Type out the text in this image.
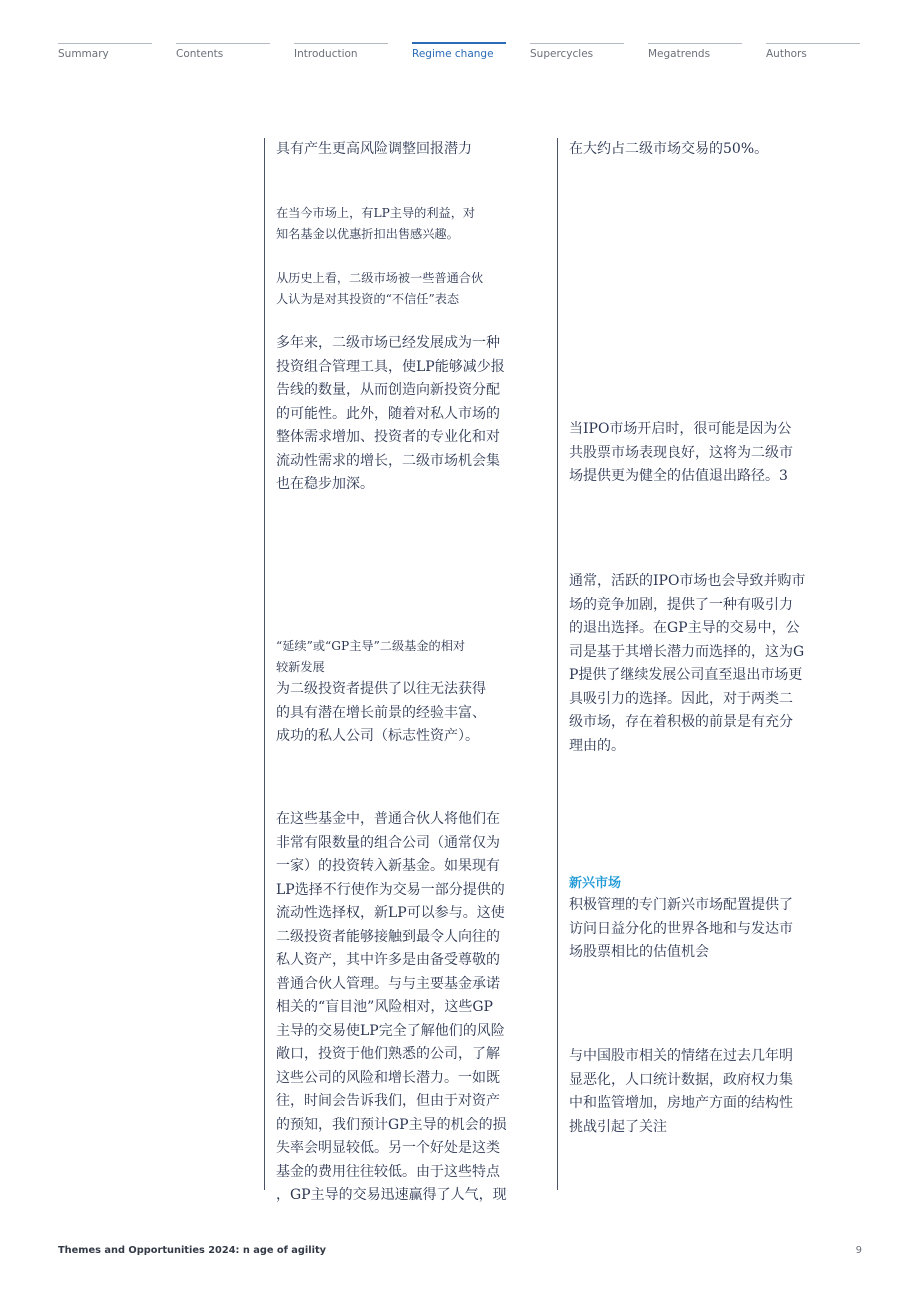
Summary	Contents	Introduction	Regime change	Supercycles	Megatrends	Authors

具有产生更高风险调整回报潜力

在当今市场上，有LP主导的利益，对
知名基金以优惠折扣出售感兴趣。

从历史上看，二级市场被一些普通合伙
人认为是对其投资的“不信任”表态

多年来，二级市场已经发展成为一种
投资组合管理工具，使LP能够减少报
告线的数量，从而创造向新投资分配
的可能性。此外，随着对私人市场的
整体需求增加、投资者的专业化和对
流动性需求的增长，二级市场机会集
也在稳步加深。

“延续”或“GP主导”二级基金的相对
较新发展

为二级投资者提供了以往无法获得
的具有潜在增长前景的经验丰富、
成功的私人公司（标志性资产）。

在这些基金中，普通合伙人将他们在
非常有限数量的组合公司（通常仅为
一家）的投资转入新基金。如果现有
LP选择不行使作为交易一部分提供的
流动性选择权，新LP可以参与。这使
二级投资者能够接触到最令人向往的
私人资产，其中许多是由备受尊敬的
普通合伙人管理。与与主要基金承诺
相关的“盲目池”风险相对，这些GP
主导的交易使LP完全了解他们的风险
敞口，投资于他们熟悉的公司，了解
这些公司的风险和增长潜力。一如既
往，时间会告诉我们，但由于对资产
的预知，我们预计GP主导的机会的损
失率会明显较低。另一个好处是这类
基金的费用往往较低。由于这些特点
，GP主导的交易迅速赢得了人气，现

在大约占二级市场交易的50%。

当IPO市场开启时，很可能是因为公
共股票市场表现良好，这将为二级市
场提供更为健全的估值退出路径。3

通常，活跃的IPO市场也会导致并购市
场的竞争加剧，提供了一种有吸引力
的退出选择。在GP主导的交易中，公
司是基于其增长潜力而选择的，这为G
P提供了继续发展公司直至退出市场更
具吸引力的选择。因此，对于两类二
级市场，存在着积极的前景是有充分
理由的。

新兴市场

积极管理的专门新兴市场配置提供了
访问日益分化的世界各地和与发达市
场股票相比的估值机会

与中国股市相关的情绪在过去几年明
显恶化，人口统计数据，政府权力集
中和监管增加，房地产方面的结构性
挑战引起了关注

Themes and Opportunities 2024: n age of agility	9
